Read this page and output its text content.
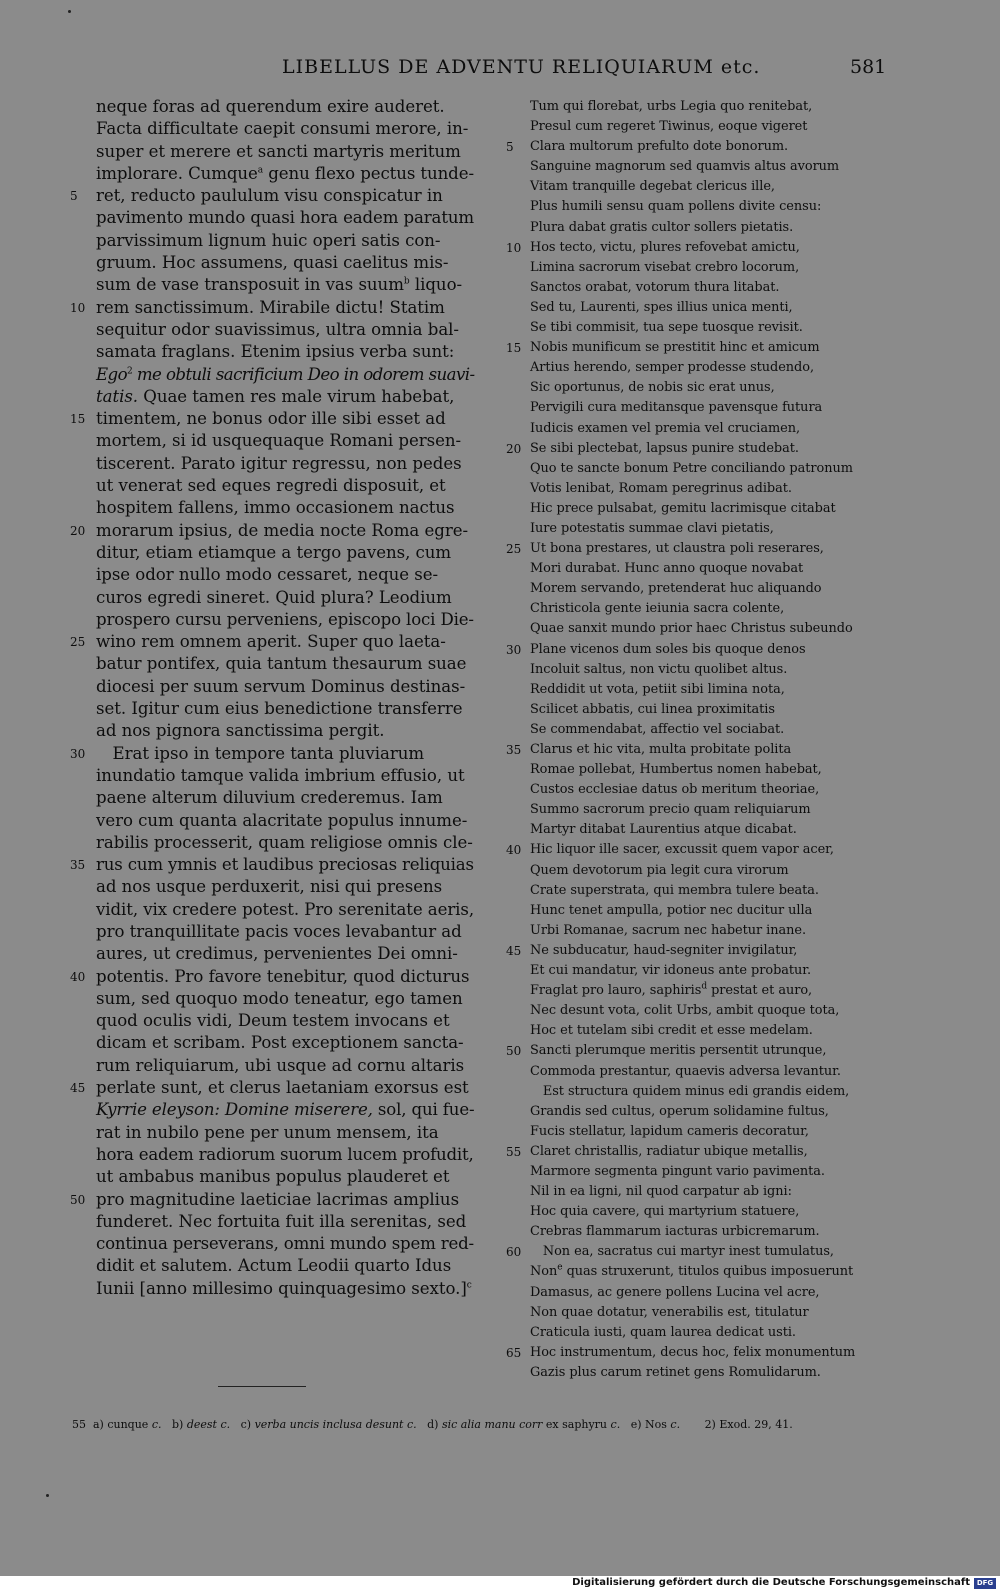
LIBELLUS DE ADVENTU RELIQUIARUM etc.	581
neque foras ad querendum exire auderet.
Facta difficultate caepit consumi merore, in-
super et merere et sancti martyris meritum
implorare. Cumque$^a$ genu flexo pectus tunde-
5 ret, reducto paululum visu conspicatur in
pavimento mundo quasi hora eadem paratum
parvissimum lignum huic operi satis con-
gruum. Hoc assumens, quasi caelitus mis-
sum de vase transposuit in vas suum$^b$ liquo-
10 rem sanctissimum. Mirabile dictu! Statim
sequitur odor suavissimus, ultra omnia bal-
samata fraglans. Etenim ipsius verba sunt:
Ego$^2$ me obtuli sacrificium Deo in odorem suavi-
tatis. Quae tamen res male virum habebat,
15 timentem, ne bonus odor ille sibi esset ad
mortem, si id usquequaque Romani persen-
tiscerent. Parato igitur regressu, non pedes
ut venerat sed eques regredi disposuit, et
hospitem fallens, immo occasionem nactus
20 morarum ipsius, de media nocte Roma egre-
ditur, etiam etiamque a tergo pavens, cum
ipse odor nullo modo cessaret, neque se-
curos egredi sineret. Quid plura? Leodium
prospero cursu perveniens, episcopo loci Die-
25 wino rem omnem aperit. Super quo laeta-
batur pontifex, quia tantum thesaurum suae
diocesi per suum servum Dominus destinas-
set. Igitur cum eius benedictione transferre
ad nos pignora sanctissima pergit.
30  Erat ipso in tempore tanta pluviarum
inundatio tamque valida imbrium effusio, ut
paene alterum diluvium crederemus. Iam
vero cum quanta alacritate populus innume-
rabilis processerit, quam religiose omnis cle-
35 rus cum ymnis et laudibus preciosas reliquias
ad nos usque perduxerit, nisi qui presens
vidit, vix credere potest. Pro serenitate aeris,
pro tranquillitate pacis voces levabantur ad
aures, ut credimus, pervenientes Dei omni-
40 potentis. Pro favore tenebitur, quod dicturus
sum, sed quoquo modo teneatur, ego tamen
quod oculis vidi, Deum testem invocans et
dicam et scribam. Post exceptionem sancta-
rum reliquiarum, ubi usque ad cornu altaris
45 perlate sunt, et clerus laetaniam exorsus est
Kyrrie eleyson: Domine miserere, sol, qui fue-
rat in nubilo pene per unum mensem, ita
hora eadem radiorum suorum lucem profudit,
ut ambabus manibus populus plauderet et
50 pro magnitudine laeticiae lacrimas amplius
funderet. Nec fortuita fuit illa serenitas, sed
continua perseverans, omni mundo spem red-
didit et salutem. Actum Leodii quarto Idus
Iunii [anno millesimo quinquagesimo sexto.]$^c$
Tum qui florebat, urbs Legia quo renitebat,
Presul cum regeret Tiwinus, eoque vigeret
5 Clara multorum prefulto dote bonorum.
Sanguine magnorum sed quamvis altus avorum
Vitam tranquille degebat clericus ille,
Plus humili sensu quam pollens divite censu:
Plura dabat gratis cultor sollers pietatis.
10 Hos tecto, victu, plures refovebat amictu,
Limina sacrorum visebat crebro locorum,
Sanctos orabat, votorum thura litabat.
Sed tu, Laurenti, spes illius unica menti,
Se tibi commisit, tua sepe tuosque revisit.
15 Nobis munificum se prestitit hinc et amicum
Artius herendo, semper prodesse studendo,
Sic oportunus, de nobis sic erat unus,
Pervigili cura meditansque pavensque futura
Iudicis examen vel premia vel cruciamen,
20 Se sibi plectebat, lapsus punire studebat.
Quo te sancte bonum Petre conciliando patronum
Votis lenibat, Romam peregrinus adibat.
Hic prece pulsabat, gemitu lacrimisque citabat
Iure potestatis summae clavi pietatis,
25 Ut bona prestares, ut claustra poli reserares,
Mori durabat. Hunc anno quoque novabat
Morem servando, pretenderat huc aliquando
Christicola gente ieiunia sacra colente,
Quae sanxit mundo prior haec Christus subeundo
30 Plane vicenos dum soles bis quoque denos
Incoluit saltus, non victu quolibet altus.
Reddidit ut vota, petiit sibi limina nota,
Scilicet abbatis, cui linea proximitatis
Se commendabat, affectio vel sociabat.
35 Clarus et hic vita, multa probitate polita
Romae pollebat, Humbertus nomen habebat,
Custos ecclesiae datus ob meritum theoriae,
Summo sacrorum precio quam reliquiarum
Martyr ditabat Laurentius atque dicabat.
40 Hic liquor ille sacer, excussit quem vapor acer,
Quem devotorum pia legit cura virorum
Crate superstrata, qui membra tulere beata.
Hunc tenet ampulla, potior nec ducitur ulla
Urbi Romanae, sacrum nec habetur inane.
45 Ne subducatur, haud-segniter invigilatur,
Et cui mandatur, vir idoneus ante probatur.
Fraglat pro lauro, saphiris$^d$ prestat et auro,
Nec desunt vota, colit Urbs, ambit quoque tota,
Hoc et tutelam sibi credit et esse medelam.
50 Sancti plerumque meritis persentit utrunque,
Commoda prestantur, quaevis adversa levantur.
 Est structura quidem minus edi grandis eidem,
Grandis sed cultus, operum solidamine fultus,
Fucis stellatur, lapidum cameris decoratur,
55 Claret christallis, radiatur ubique metallis,
Marmore segmenta pingunt vario pavimenta.
Nil in ea ligni, nil quod carpatur ab igni:
Hoc quia cavere, qui martyrium statuere,
Crebras flammarum iacturas urbicremarum.
60  Non ea, sacratus cui martyr inest tumulatus,
Non$^e$ quas struxerunt, titulos quibus imposuerunt
Damasus, ac genere pollens Lucina vel acre,
Non quae dotatur, venerabilis est, titulatur
Craticula iusti, quam laurea dedicat usti.
65 Hoc instrumentum, decus hoc, felix monumentum
Gazis plus carum retinet gens Romulidarum.
55 a) cunque c. b) deest c. c) verba uncis inclusa desunt c. d) sic alia manu corr ex saphyru c. e) Nos c. 2) Exod. 29, 41.
Digitalisierung gefördert durch die Deutsche Forschungsgemeinschaft DFG
